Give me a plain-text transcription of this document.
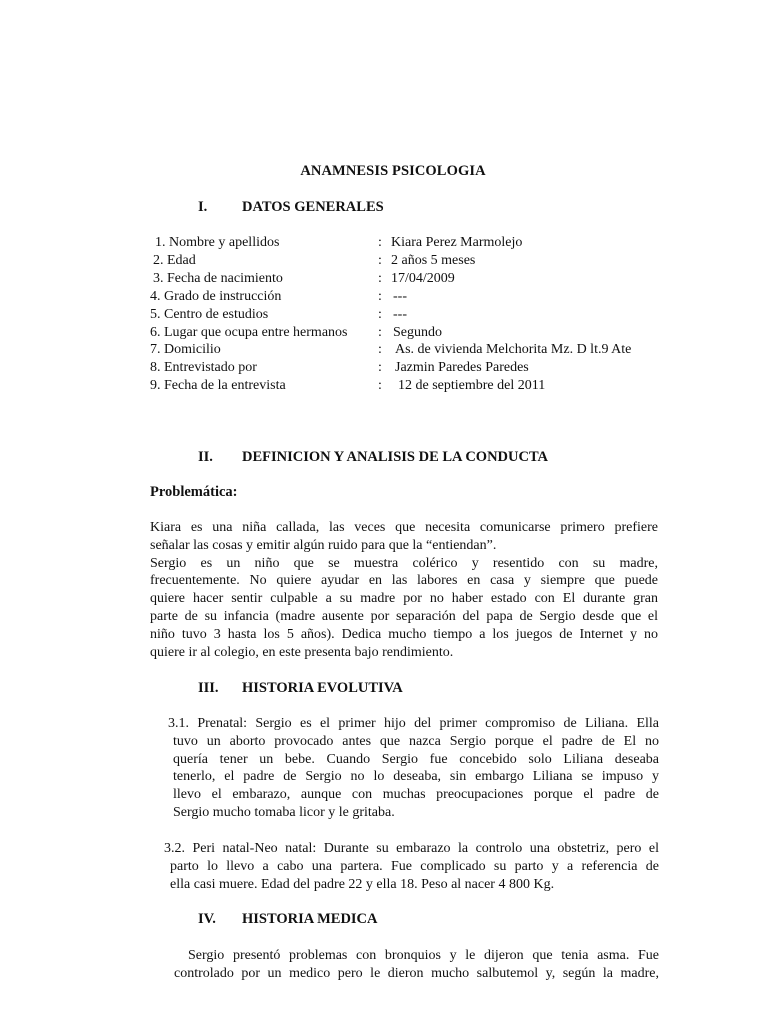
ANAMNESIS PSICOLOGIA
I. DATOS GENERALES
1. Nombre y apellidos	: Kiara Perez Marmolejo
2. Edad	: 2 años 5 meses
3. Fecha de nacimiento	: 17/04/2009
4. Grado de instrucción	: ---
5. Centro de estudios	: ---
6. Lugar que ocupa entre hermanos : Segundo
7. Domicilio	: As. de vivienda Melchorita Mz. D lt.9 Ate
8. Entrevistado por	: Jazmin Paredes Paredes
9. Fecha de la entrevista	: 12 de septiembre del 2011
II. DEFINICION Y ANALISIS DE LA CONDUCTA
Problemática:
Kiara es una niña callada, las veces que necesita comunicarse primero prefiere
señalar las cosas y emitir algún ruido para que la “entiendan”.
Sergio es un niño que se muestra colérico y resentido con su madre,
frecuentemente. No quiere ayudar en las labores en casa y siempre que puede
quiere hacer sentir culpable a su madre por no haber estado con El durante gran
parte de su infancia (madre ausente por separación del papa de Sergio desde que el
niño tuvo 3 hasta los 5 años). Dedica mucho tiempo a los juegos de Internet y no
quiere ir al colegio, en este presenta bajo rendimiento.
III. HISTORIA EVOLUTIVA
3.1. Prenatal: Sergio es el primer hijo del primer compromiso de Liliana. Ella
tuvo un aborto provocado antes que nazca Sergio porque el padre de El no
quería tener un bebe. Cuando Sergio fue concebido solo Liliana deseaba
tenerlo, el padre de Sergio no lo deseaba, sin embargo Liliana se impuso y
llevo el embarazo, aunque con muchas preocupaciones porque el padre de
Sergio mucho tomaba licor y le gritaba.
3.2. Peri natal-Neo natal: Durante su embarazo la controlo una obstetriz, pero el
parto lo llevo a cabo una partera. Fue complicado su parto y a referencia de
ella casi muere. Edad del padre 22 y ella 18. Peso al nacer 4 800 Kg.
IV. HISTORIA MEDICA
Sergio presentó problemas con bronquios y le dijeron que tenia asma. Fue
controlado por un medico pero le dieron mucho salbutemol y, según la madre,
